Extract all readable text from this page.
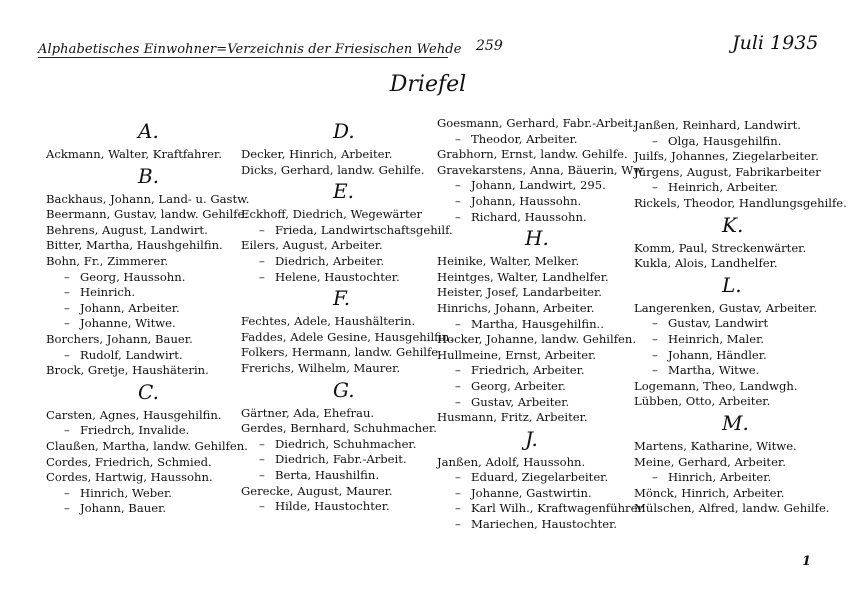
Alphabetisches Einwohner=Verzeichnis der Friesischen Wehde 259	Juli 1935
Driefel
A.
Ackmann, Walter, Kraftfahrer.
B.
Backhaus, Johann, Land- u. Gastw.
Beermann, Gustav, landw. Gehilfe.
Behrens, August, Landwirt.
Bitter, Martha, Haushgehilfin.
Bohn, Fr., Zimmerer.
– Georg, Haussohn.
– Heinrich.
– Johann, Arbeiter.
– Johanne, Witwe.
Borchers, Johann, Bauer.
– Rudolf, Landwirt.
Brock, Gretje, Haushäterin.
C.
Carsten, Agnes, Hausgehilfin.
– Friedrch, Invalide.
Claußen, Martha, landw. Gehilfen.
Cordes, Friedrich, Schmied.
Cordes, Hartwig, Haussohn.
– Hinrich, Weber.
– Johann, Bauer.
D.
Decker, Hinrich, Arbeiter.
Dicks, Gerhard, landw. Gehilfe.
E.
Eckhoff, Diedrich, Wegewärter
– Frieda, Landwirtschaftsgehilf.
Eilers, August, Arbeiter.
– Diedrich, Arbeiter.
– Helene, Haustochter.
F.
Fechtes, Adele, Haushälterin.
Faddes, Adele Gesine, Hausgehilfin.
Folkers, Hermann, landw. Gehilfe.
Frerichs, Wilhelm, Maurer.
G.
Gärtner, Ada, Ehefrau.
Gerdes, Bernhard, Schuhmacher.
– Diedrich, Schuhmacher.
– Diedrich, Fabr.-Arbeit.
– Berta, Haushilfin.
Gerecke, August, Maurer.
– Hilde, Haustochter.
Goesmann, Gerhard, Fabr.-Arbeit.
– Theodor, Arbeiter.
Grabhorn, Ernst, landw. Gehilfe.
Gravekarstens, Anna, Bäuerin, Ww
– Johann, Landwirt, 295.
– Johann, Haussohn.
– Richard, Haussohn.
H.
Heinike, Walter, Melker.
Heintges, Walter, Landhelfer.
Heister, Josef, Landarbeiter.
Hinrichs, Johann, Arbeiter.
– Martha, Hausgehilfin..
Hocker, Johanne, landw. Gehilfen.
Hullmeine, Ernst, Arbeiter.
– Friedrich, Arbeiter.
– Georg, Arbeiter.
– Gustav, Arbeiter.
Husmann, Fritz, Arbeiter.
J.
Janßen, Adolf, Haussohn.
– Eduard, Ziegelarbeiter.
– Johanne, Gastwirtin.
– Karl Wilh., Kraftwagenführer
– Mariechen, Haustochter.
Janßen, Reinhard, Landwirt.
– Olga, Hausgehilfin.
Juilfs, Johannes, Ziegelarbeiter.
Jürgens, August, Fabrikarbeiter
– Heinrich, Arbeiter.
Rickels, Theodor, Handlungsgehilfe.
K.
Komm, Paul, Streckenwärter.
Kukla, Alois, Landhelfer.
L.
Langerenken, Gustav, Arbeiter.
– Gustav, Landwirt
– Heinrich, Maler.
– Johann, Händler.
– Martha, Witwe.
Logemann, Theo, Landwgh.
Lübben, Otto, Arbeiter.
M.
Martens, Katharine, Witwe.
Meine, Gerhard, Arbeiter.
– Hinrich, Arbeiter.
Mönck, Hinrich, Arbeiter.
Mülschen, Alfred, landw. Gehilfe.
1
